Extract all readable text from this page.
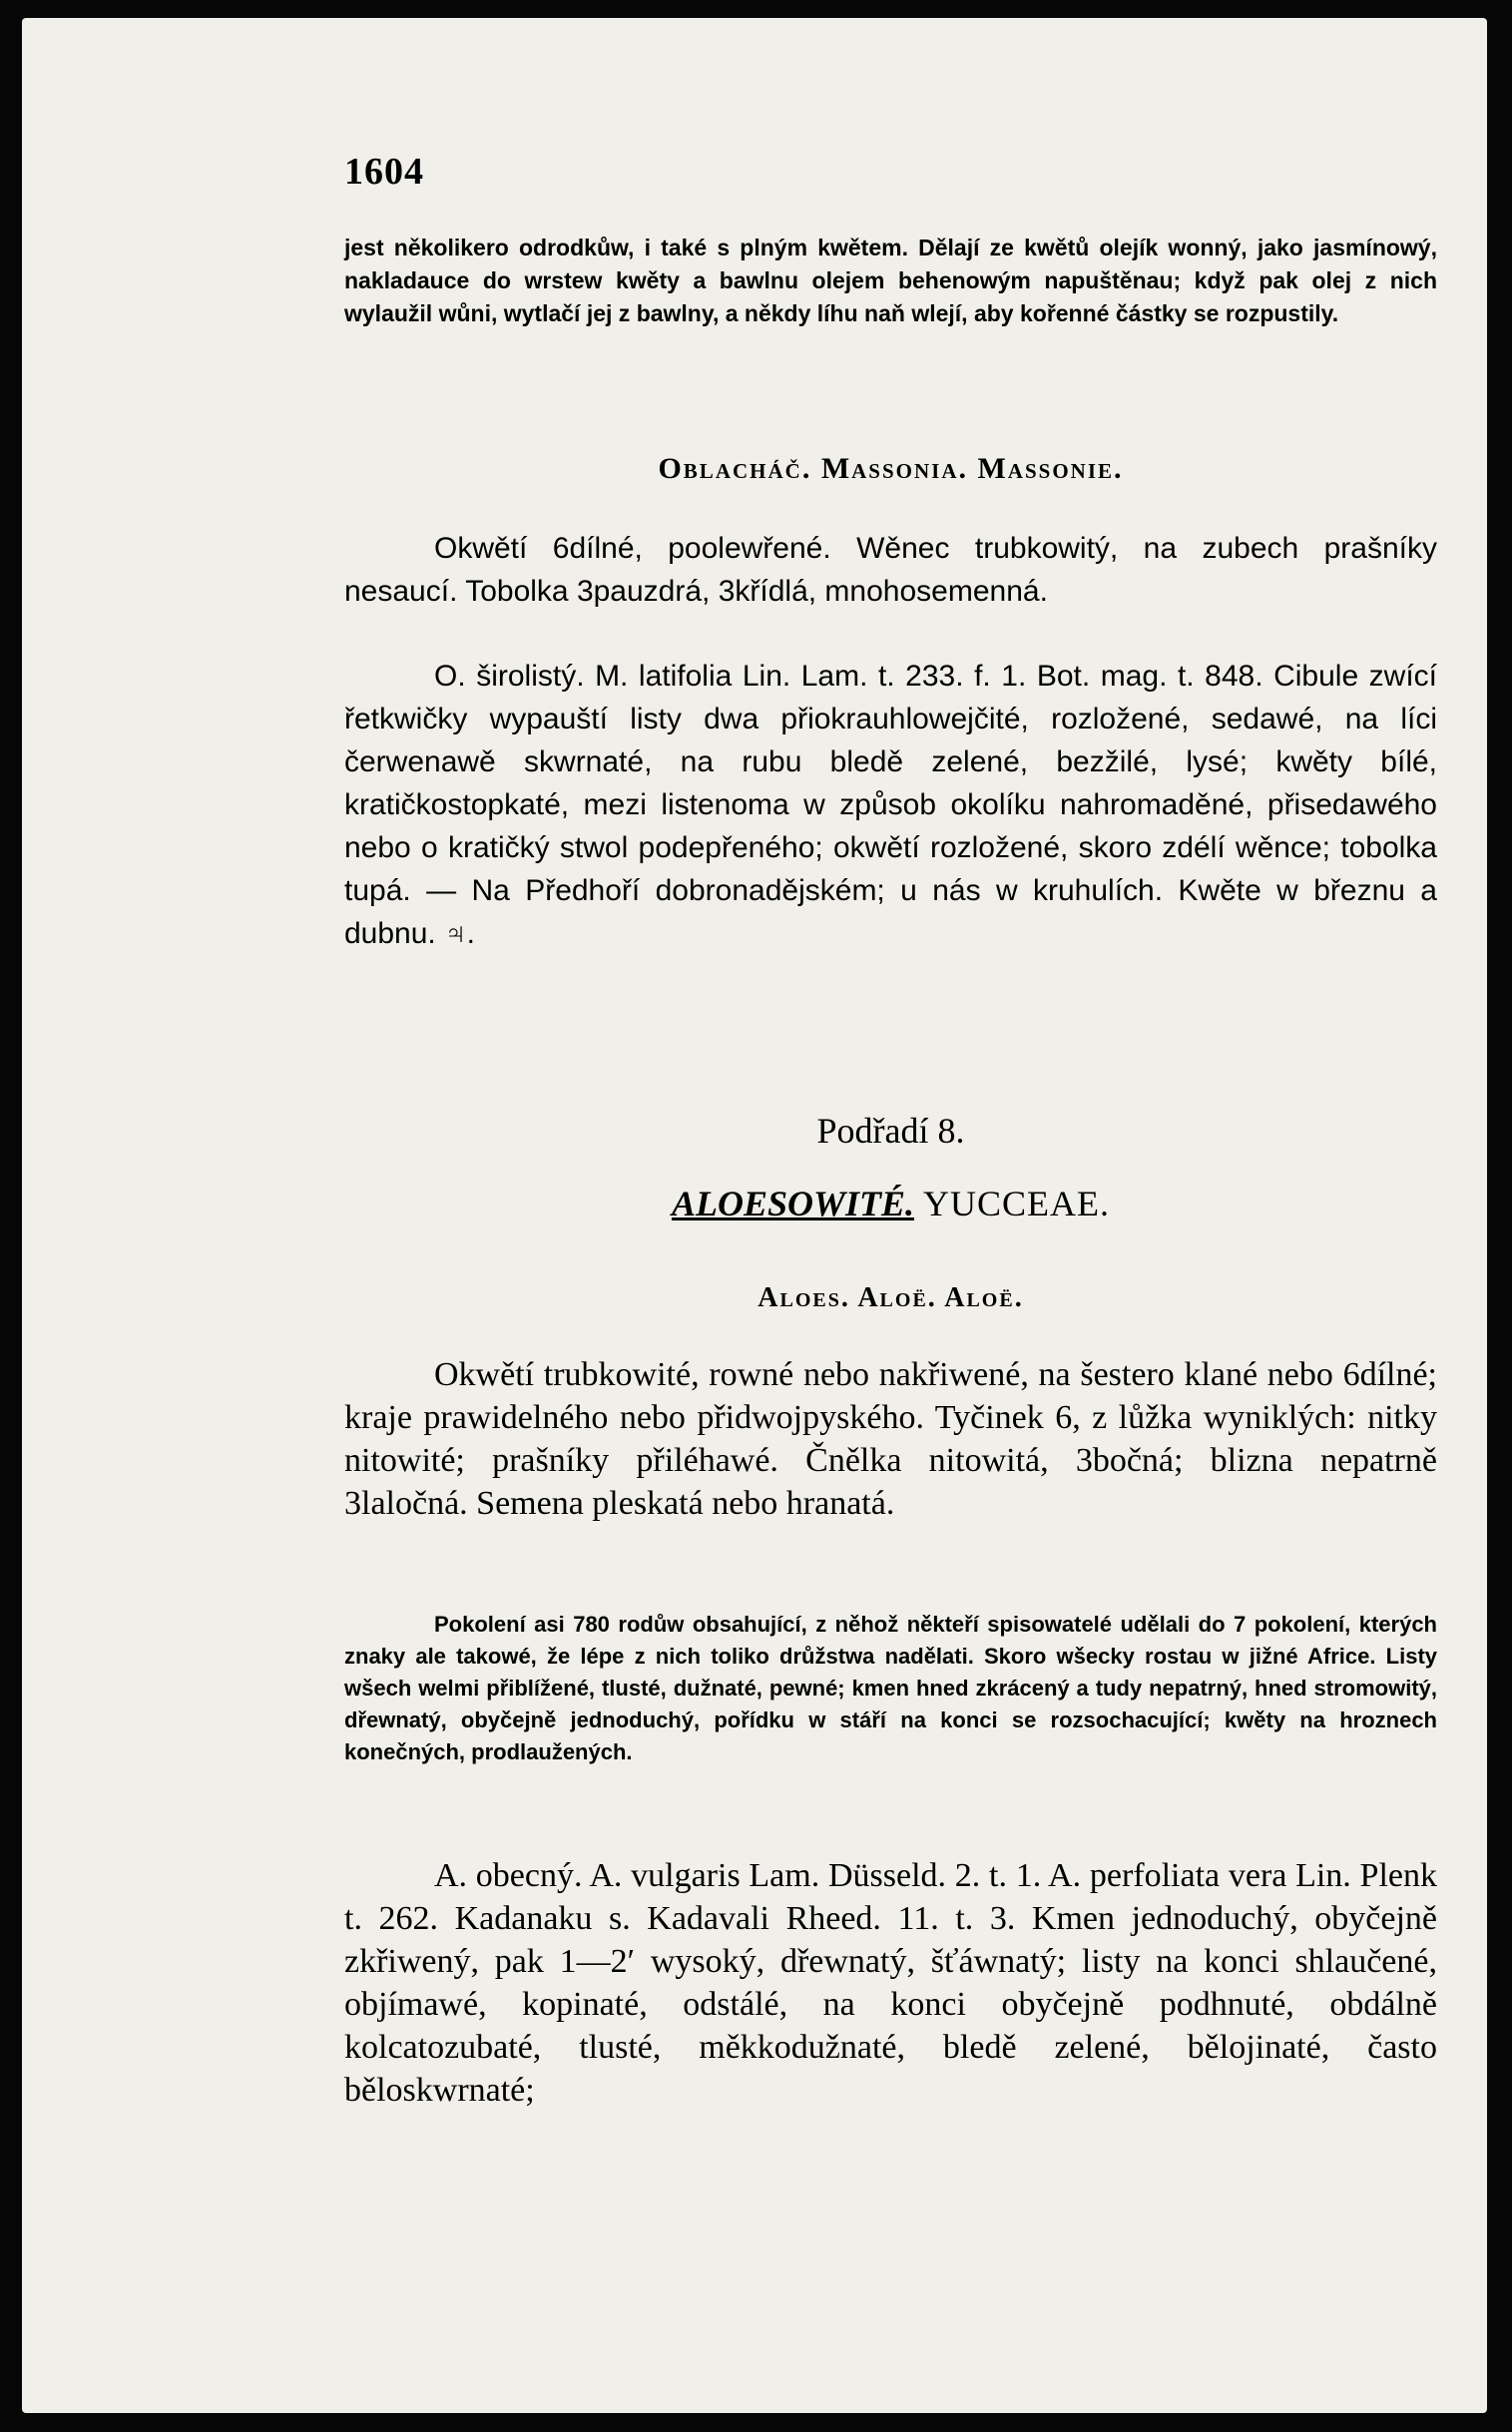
1604
jest několikero odrodkůw, i také s plným kwětem. Dělají ze kwětů olejík wonný, jako jasmínowý, nakladauce do wrstew kwěty a bawlnu olejem behenowým napuštěnau; když pak olej z nich wylaužil wůni, wytlačí jej z bawlny, a někdy líhu naň wlejí, aby kořenné částky se rozpustily.
Oblacháč. Massonia. Massonie.
Okwětí 6dílné, poolewřené. Wěnec trubkowitý, na zubech prašníky nesaucí. Tobolka 3pauzdrá, 3křídlá, mnohosemenná.
O. širolistý. M. latifolia Lin. Lam. t. 233. f. 1. Bot. mag. t. 848. Cibule zwící řetkwičky wypauští listy dwa přiokrauhlowejčité, rozložené, sedawé, na líci čerwenawě skwrnaté, na rubu bledě zelené, bezžilé, lysé; kwěty bílé, kratičkostopkaté, mezi listenoma w způsob okolíku nahromaděné, přisedawého nebo o kratičký stwol podepřeného; okwětí rozložené, skoro zdélí wěnce; tobolka tupá. — Na Předhoří dobronadějském; u nás w kruhulích. Kwěte w březnu a dubnu. ♃.
Podřadí 8.
ALOESOWITÉ. YUCCEAE.
Aloes. Aloë. Aloë.
Okwětí trubkowité, rowné nebo nakřiwené, na šestero klané nebo 6dílné; kraje prawidelného nebo přidwojpyského. Tyčinek 6, z lůžka wyniklých: nitky nitowité; prašníky přiléhawé. Čnělka nitowitá, 3bočná; blizna nepatrně 3laločná. Semena pleskatá nebo hranatá.
Pokolení asi 780 rodůw obsahující, z něhož někteří spisowatelé udělali do 7 pokolení, kterých znaky ale takowé, že lépe z nich toliko drůžstwa nadělati. Skoro wšecky rostau w jižné Africe. Listy wšech welmi přiblížené, tlusté, dužnaté, pewné; kmen hned zkrácený a tudy nepatrný, hned stromowitý, dřewnatý, obyčejně jednoduchý, pořídku w stáří na konci se rozsochacující; kwěty na hroznech konečných, prodlaužených.
A. obecný. A. vulgaris Lam. Düsseld. 2. t. 1. A. perfoliata vera Lin. Plenk t. 262. Kadanaku s. Kadavali Rheed. 11. t. 3. Kmen jednoduchý, obyčejně zkřiwený, pak 1—2′ wysoký, dřewnatý, šťáwnatý; listy na konci shlaučené, objímawé, kopinaté, odstálé, na konci obyčejně podhnuté, obdálně kolcatozubaté, tlusté, měkkodužnaté, bledě zelené, bělojinaté, často běloskwrnaté;
